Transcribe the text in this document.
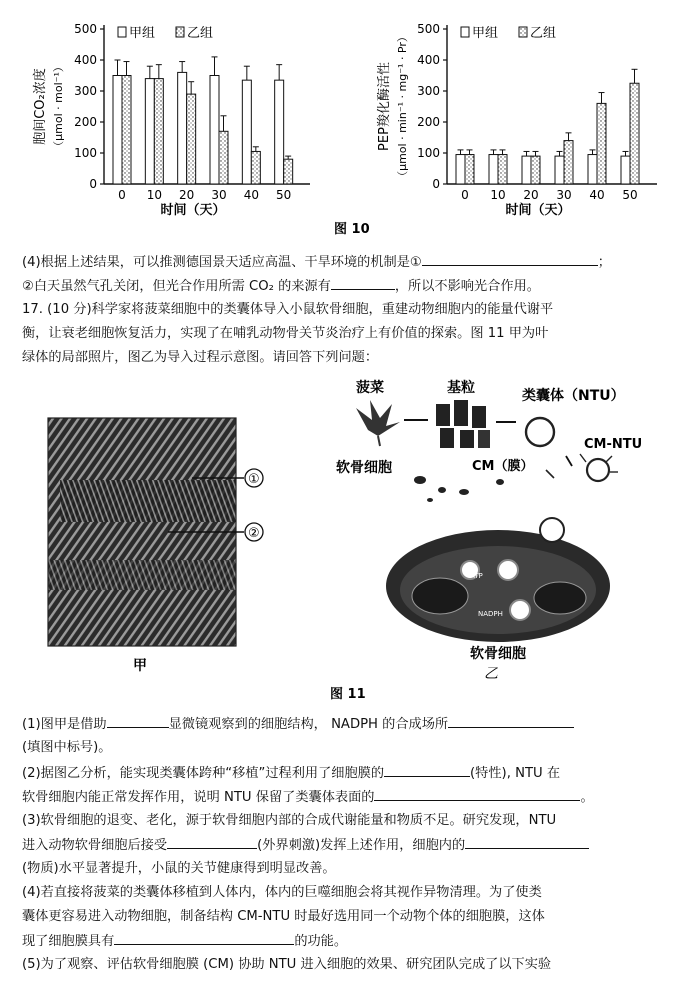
0
100
200
300
400
500
0 10 20 30 40 50
甲组 乙组
时间（天）
胞间CO₂浓度 （μmol · mol⁻¹）
0
100
200
300
400
500
0 10 20 30 40 50
甲组 乙组
时间（天）
PEP羧化酶活性 （μmol · min⁻¹ · mg⁻¹ · Pr）
图 10
(4)根据上述结果，可以推测德国景天适应高温、干旱环境的机制是①	；
②白天虽然气孔关闭，但光合作用所需 CO₂ 的来源有	，所以不影响光合作用。
17. (10 分)科学家将菠菜细胞中的类囊体导入小鼠软骨细胞，重建动物细胞内的能量代谢平
衡，让衰老细胞恢复活力，实现了在哺乳动物骨关节炎治疗上有价值的探索。图 11 甲为叶
绿体的局部照片，图乙为导入过程示意图。请回答下列问题：
①
②
甲
菠菜	基粒	类囊体（NTU）
CM-NTU
CM（膜）
软骨细胞
ATP
NADPH
软骨细胞
乙
图 11
(1)图甲是借助	显微镜观察到的细胞结构， NADPH 的合成场所
(填图中标号)。
(2)据图乙分析，能实现类囊体跨种“移植”过程利用了细胞膜的	(特性), NTU 在
软骨细胞内能正常发挥作用，说明 NTU 保留了类囊体表面的	。
(3)软骨细胞的退变、老化，源于软骨细胞内部的合成代谢能量和物质不足。研究发现，NTU
进入动物软骨细胞后接受	(外界刺激)发挥上述作用，细胞内的
(物质)水平显著提升，小鼠的关节健康得到明显改善。
(4)若直接将菠菜的类囊体移植到人体内，体内的巨噬细胞会将其视作异物清理。为了使类
囊体更容易进入动物细胞，制备结构 CM-NTU 时最好选用同一个动物个体的细胞膜，这体
现了细胞膜具有	的功能。
(5)为了观察、评估软骨细胞膜 (CM) 协助 NTU 进入细胞的效果、研究团队完成了以下实验
